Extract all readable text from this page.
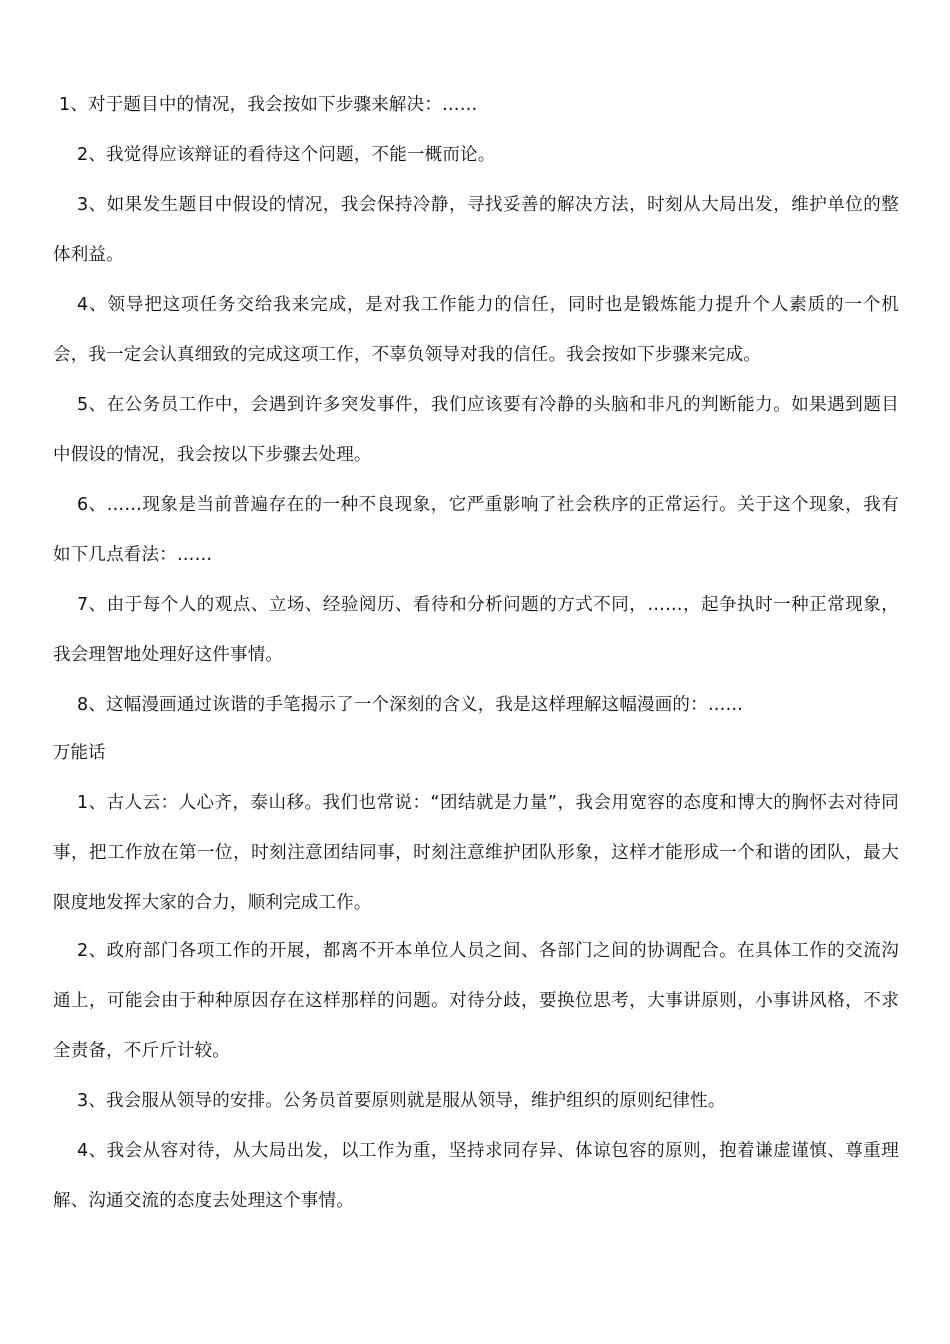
1、对于题目中的情况，我会按如下步骤来解决：……

2、我觉得应该辩证的看待这个问题，不能一概而论。

3、如果发生题目中假设的情况，我会保持冷静，寻找妥善的解决方法，时刻从大局出发，维护单位的整体利益。

4、领导把这项任务交给我来完成，是对我工作能力的信任，同时也是锻炼能力提升个人素质的一个机会，我一定会认真细致的完成这项工作，不辜负领导对我的信任。我会按如下步骤来完成。

5、在公务员工作中，会遇到许多突发事件，我们应该要有冷静的头脑和非凡的判断能力。如果遇到题目中假设的情况，我会按以下步骤去处理。

6、……现象是当前普遍存在的一种不良现象，它严重影响了社会秩序的正常运行。关于这个现象，我有如下几点看法：……

7、由于每个人的观点、立场、经验阅历、看待和分析问题的方式不同，……，起争执时一种正常现象，我会理智地处理好这件事情。

8、这幅漫画通过诙谐的手笔揭示了一个深刻的含义，我是这样理解这幅漫画的：……

万能话

1、古人云：人心齐，泰山移。我们也常说：“团结就是力量”，我会用宽容的态度和博大的胸怀去对待同事，把工作放在第一位，时刻注意团结同事，时刻注意维护团队形象，这样才能形成一个和谐的团队，最大限度地发挥大家的合力，顺利完成工作。

2、政府部门各项工作的开展，都离不开本单位人员之间、各部门之间的协调配合。在具体工作的交流沟通上，可能会由于种种原因存在这样那样的问题。对待分歧，要换位思考，大事讲原则，小事讲风格，不求全责备，不斤斤计较。

3、我会服从领导的安排。公务员首要原则就是服从领导，维护组织的原则纪律性。

4、我会从容对待，从大局出发，以工作为重，坚持求同存异、体谅包容的原则，抱着谦虚谨慎、尊重理解、沟通交流的态度去处理这个事情。
